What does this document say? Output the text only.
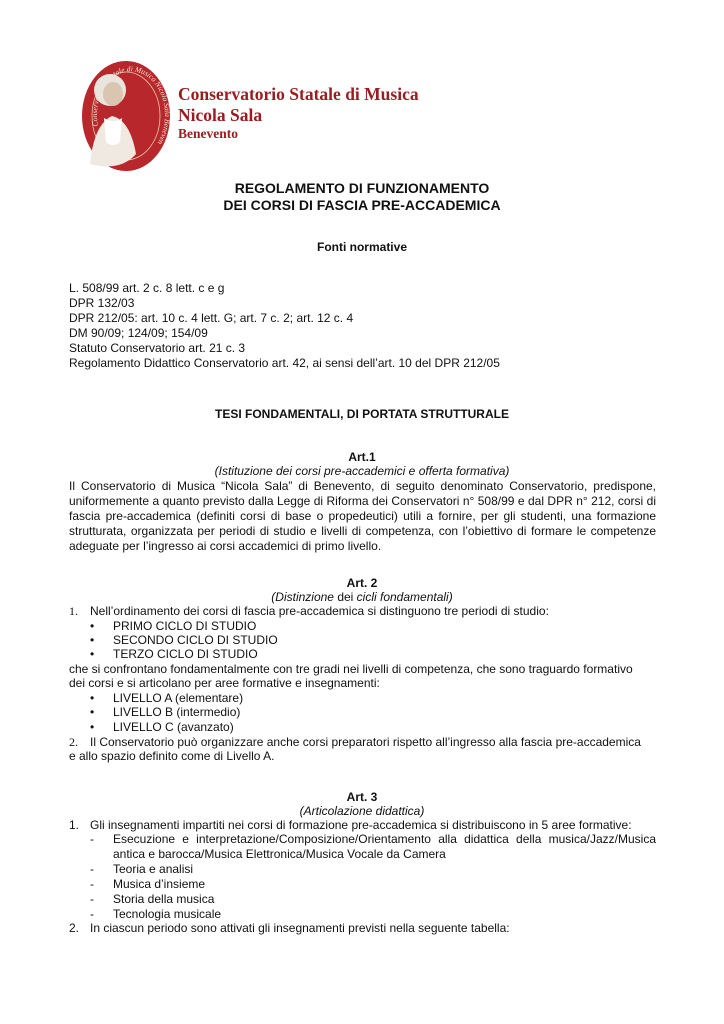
Conservatorio Statale di Musica Nicola Sala Beneven
Conservatorio Statale di Musica
Nicola Sala
Benevento
REGOLAMENTO DI FUNZIONAMENTO
DEI CORSI DI FASCIA PRE-ACCADEMICA
Fonti normative
L. 508/99 art. 2 c. 8 lett. c e g
DPR 132/03
DPR 212/05: art. 10 c. 4 lett. G; art. 7 c. 2; art. 12 c. 4
DM 90/09; 124/09; 154/09
Statuto Conservatorio art. 21 c. 3
Regolamento Didattico Conservatorio art. 42, ai sensi dell’art. 10 del DPR 212/05
TESI FONDAMENTALI, DI PORTATA STRUTTURALE
Art.1
(Istituzione dei corsi pre-accademici e offerta formativa)

Il Conservatorio di Musica “Nicola Sala” di Benevento, di seguito denominato Conservatorio, predispone, uniformemente a quanto previsto dalla Legge di Riforma dei Conservatori n° 508/99 e dal DPR n° 212, corsi di fascia pre-accademica (definiti corsi di base o propedeutici) utili a fornire, per gli studenti, una formazione strutturata, organizzata per periodi di studio e livelli di competenza, con l’obiettivo di formare le competenze adeguate per l’ingresso ai corsi accademici di primo livello.

Art. 2
(Distinzione dei cicli fondamentali)
1. Nell’ordinamento dei corsi di fascia pre-accademica si distinguono tre periodi di studio:
• PRIMO CICLO DI STUDIO
• SECONDO CICLO DI STUDIO
• TERZO CICLO DI STUDIO
che si confrontano fondamentalmente con tre gradi nei livelli di competenza, che sono traguardo formativo
dei corsi e si articolano per aree formative e insegnamenti:
• LIVELLO A (elementare)
• LIVELLO B (intermedio)
• LIVELLO C (avanzato)
2. Il Conservatorio può organizzare anche corsi preparatori rispetto all’ingresso alla fascia pre-accademica
e allo spazio definito come di Livello A.
Art. 3
(Articolazione didattica)
1. Gli insegnamenti impartiti nei corsi di formazione pre-accademica si distribuiscono in 5 aree formative:
- Esecuzione e interpretazione/Composizione/Orientamento alla didattica della musica/Jazz/Musica
antica e barocca/Musica Elettronica/Musica Vocale da Camera
- Teoria e analisi
- Musica d’insieme
- Storia della musica
- Tecnologia musicale
2. In ciascun periodo sono attivati gli insegnamenti previsti nella seguente tabella:
